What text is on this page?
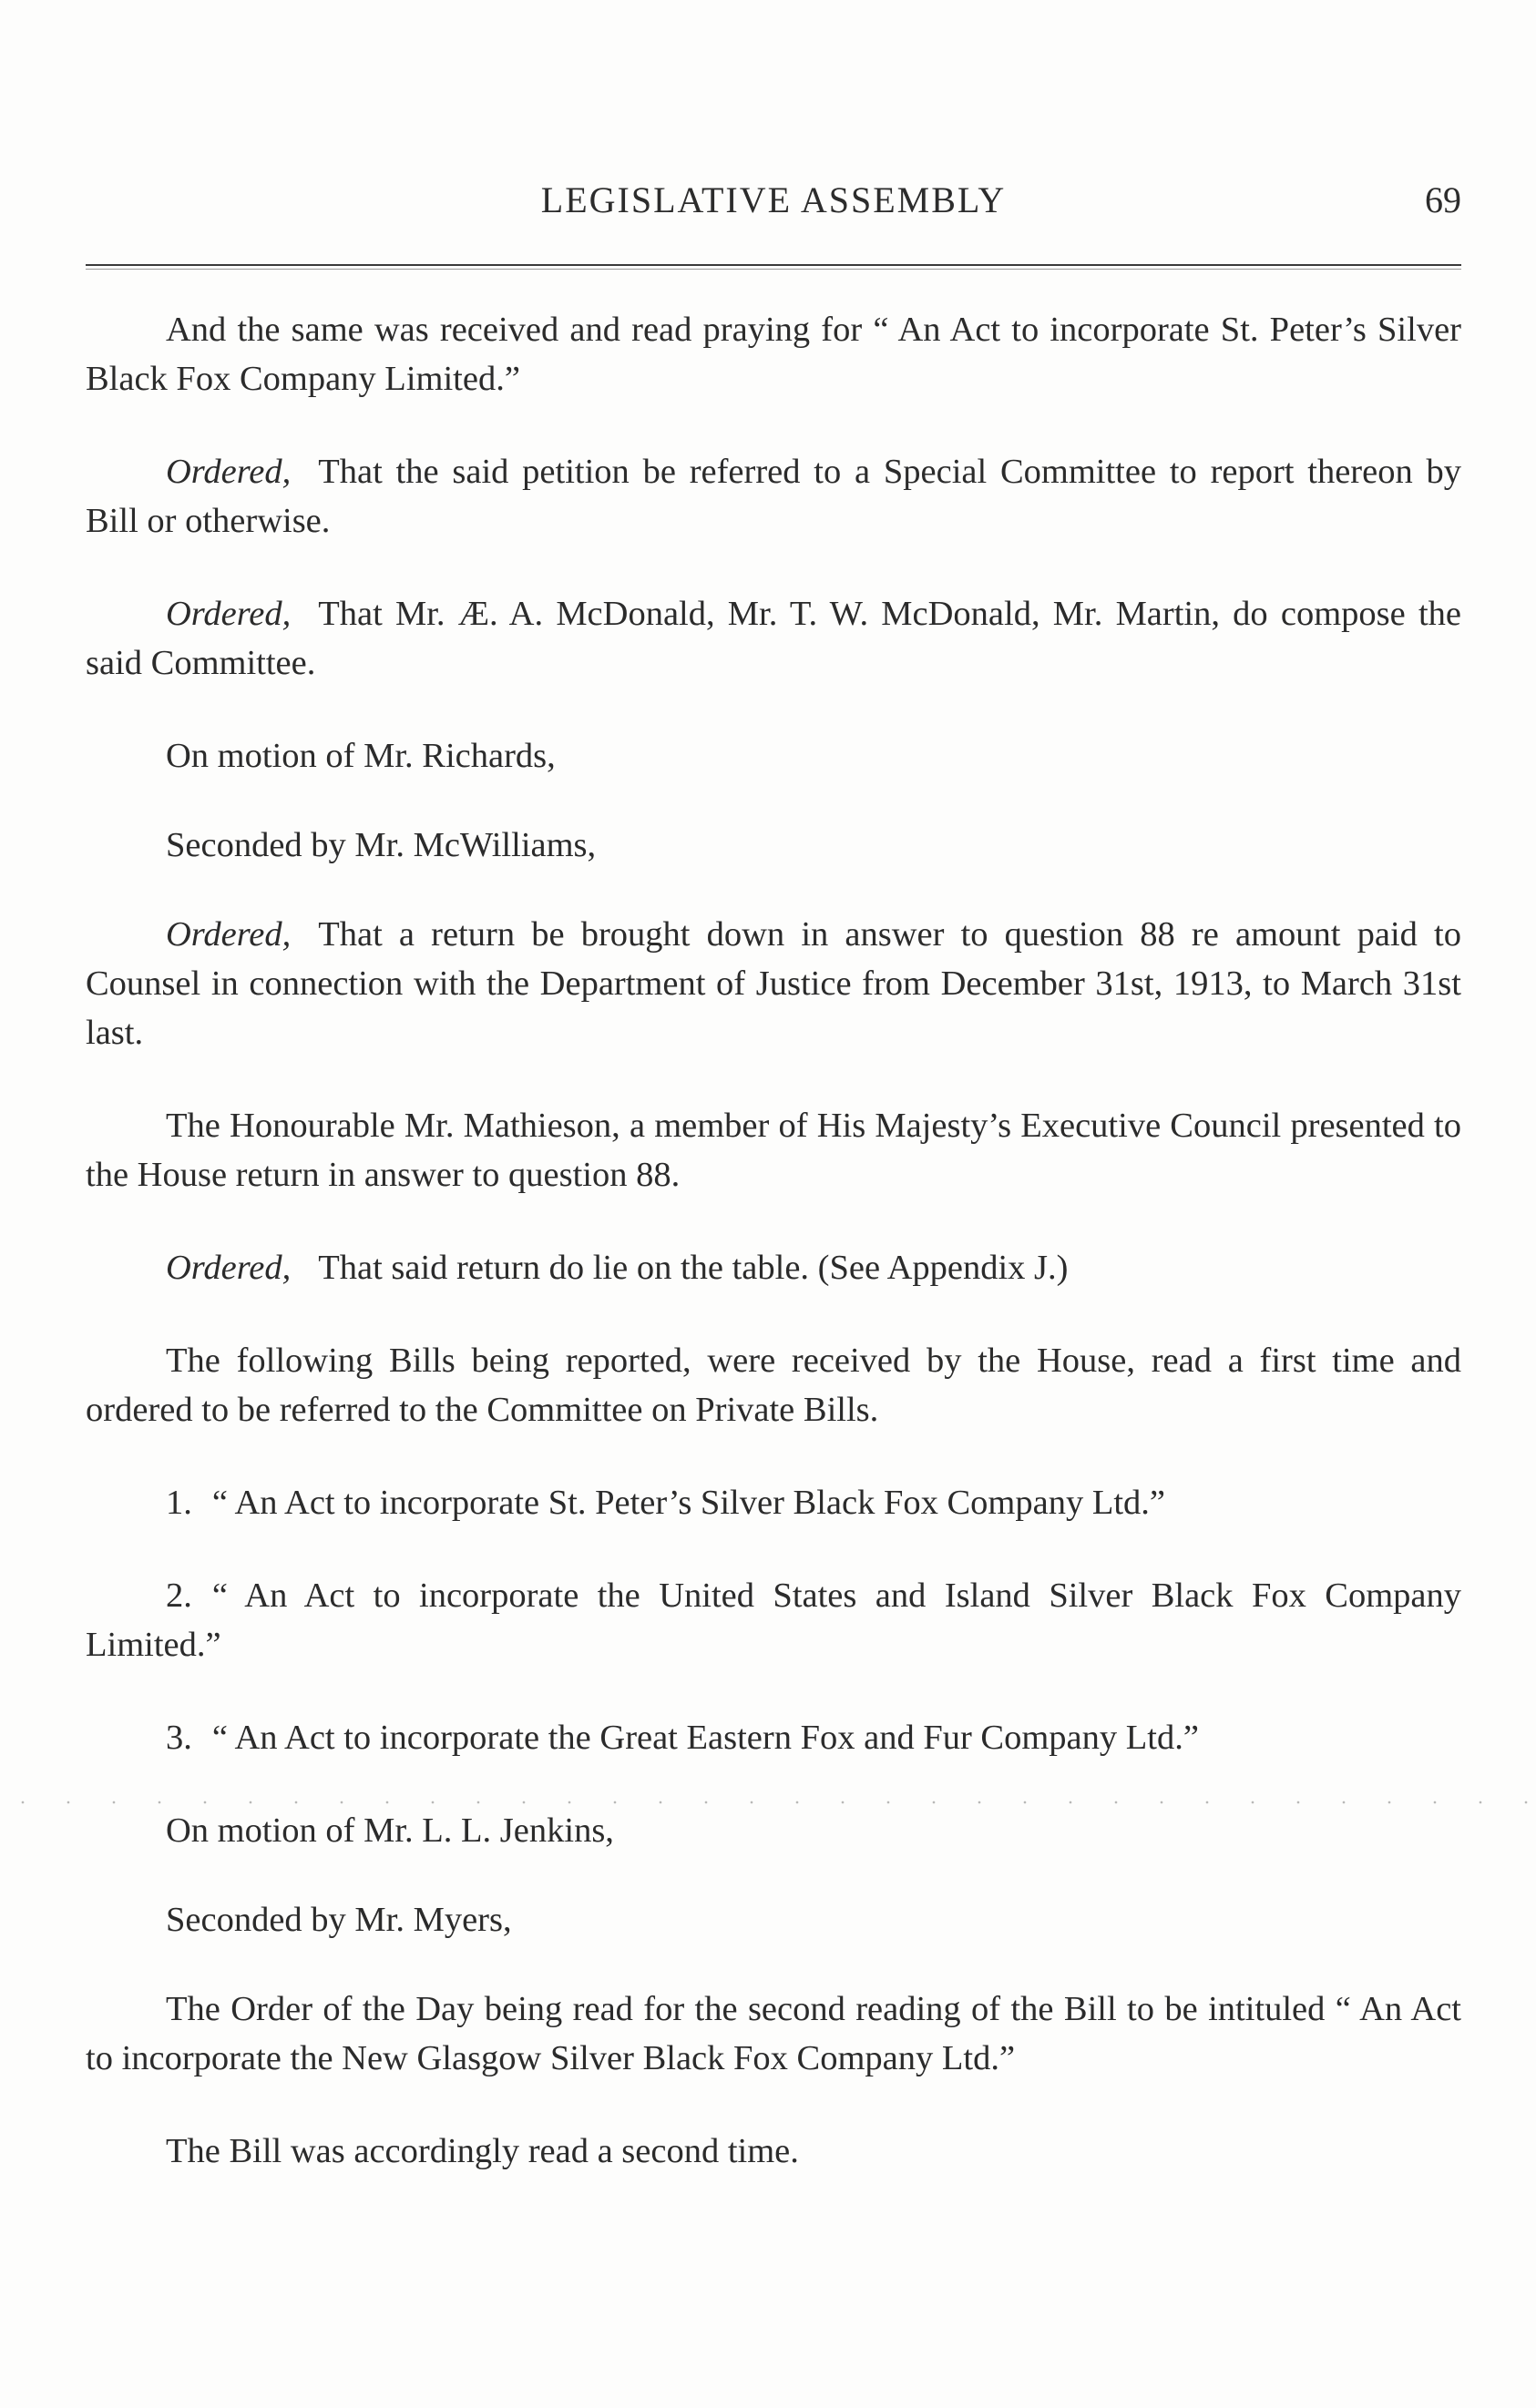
LEGISLATIVE ASSEMBLY	69

And the same was received and read praying for “ An Act to incorporate St. Peter’s Silver Black Fox Company Limited.”

Ordered, That the said petition be referred to a Special Committee to report thereon by Bill or otherwise.

Ordered, That Mr. Æ. A. McDonald, Mr. T. W. McDonald, Mr. Martin, do compose the said Committee.

On motion of Mr. Richards,

Seconded by Mr. McWilliams,

Ordered, That a return be brought down in answer to question 88 re amount paid to Counsel in connection with the Department of Justice from December 31st, 1913, to March 31st last.

The Honourable Mr. Mathieson, a member of His Majesty’s Executive Council presented to the House return in answer to question 88.

Ordered, That said return do lie on the table. (See Appendix J.)

The following Bills being reported, were received by the House, read a first time and ordered to be referred to the Committee on Private Bills.

1. “ An Act to incorporate St. Peter’s Silver Black Fox Company Ltd.”

2. “ An Act to incorporate the United States and Island Silver Black Fox Company Limited.”

3. “ An Act to incorporate the Great Eastern Fox and Fur Company Ltd.”

On motion of Mr. L. L. Jenkins,

Seconded by Mr. Myers,

The Order of the Day being read for the second reading of the Bill to be intituled “ An Act to incorporate the New Glasgow Silver Black Fox Company Ltd.”

The Bill was accordingly read a second time.
